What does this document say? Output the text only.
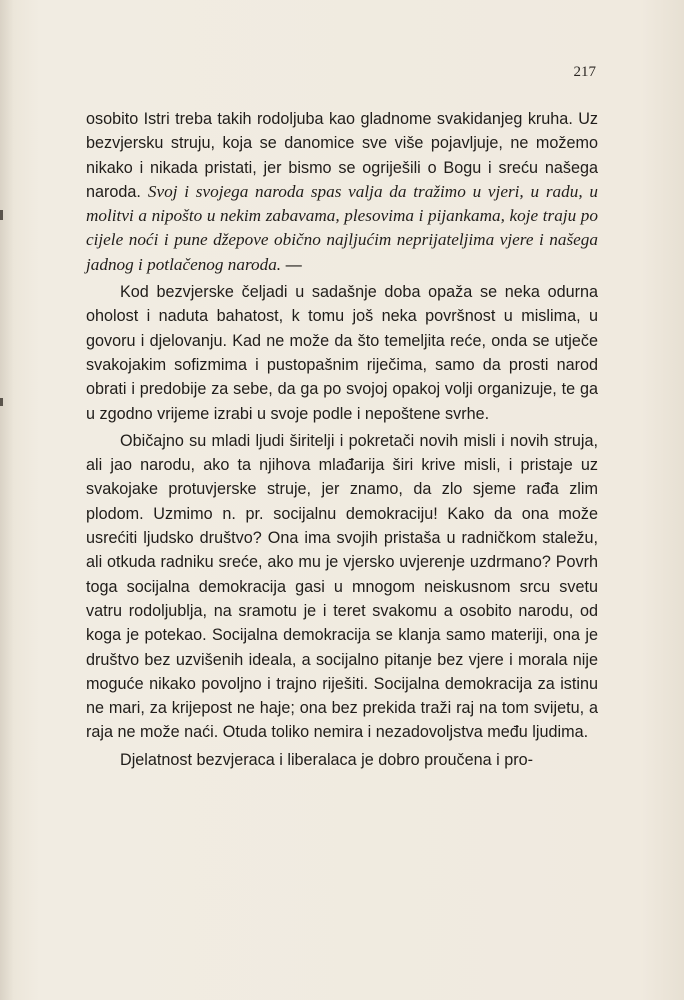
217

osobito Istri treba takih rodoljuba kao gladnome svakidanjeg kruha. Uz bezvjersku struju, koja se danomice sve više pojavljuje, ne možemo nikako i nikada pristati, jer bismo se ogriješili o Bogu i sreću našega naroda. Svoj i svojega naroda spas valja da tražimo u vjeri, u radu, u molitvi a nipošto u nekim zabavama, plesovima i pijankama, koje traju po cijele noći i pune džepove obično najljućim neprijateljima vjere i našega jadnog i potlačenog naroda. —

Kod bezvjerske čeljadi u sadašnje doba opaža se neka odurna oholost i naduta bahatost, k tomu još neka površnost u mislima, u govoru i djelovanju. Kad ne može da što temeljita reće, onda se utječe svakojakim sofizmima i pustopašnim riječima, samo da prosti narod obrati i predobije za sebe, da ga po svojoj opakoj volji organizuje, te ga u zgodno vrijeme izrabi u svoje podle i nepoštene svrhe.

Običajno su mladi ljudi širitelji i pokretači novih misli i novih struja, ali jao narodu, ako ta njihova mlađarija širi krive misli, i pristaje uz svakojake protuvjerske struje, jer znamo, da zlo sjeme rađa zlim plodom. Uzmimo n. pr. socijalnu demokraciju! Kako da ona može usrećiti ljudsko društvo? Ona ima svojih pristaša u radničkom staležu, ali otkuda radniku sreće, ako mu je vjersko uvjerenje uzdrmano? Povrh toga socijalna demokracija gasi u mnogom neiskusnom srcu svetu vatru rodoljublja, na sramotu je i teret svakomu a osobito narodu, od koga je potekao. Socijalna demokracija se klanja samo materiji, ona je društvo bez uzvišenih ideala, a socijalno pitanje bez vjere i morala nije moguće nikako povoljno i trajno riješiti. Socijalna demokracija za istinu ne mari, za krijepost ne haje; ona bez prekida traži raj na tom svijetu, a raja ne može naći. Otuda toliko nemira i nezadovoljstva među ljudima.

Djelatnost bezvjeraca i liberalaca je dobro proučena i pro-
